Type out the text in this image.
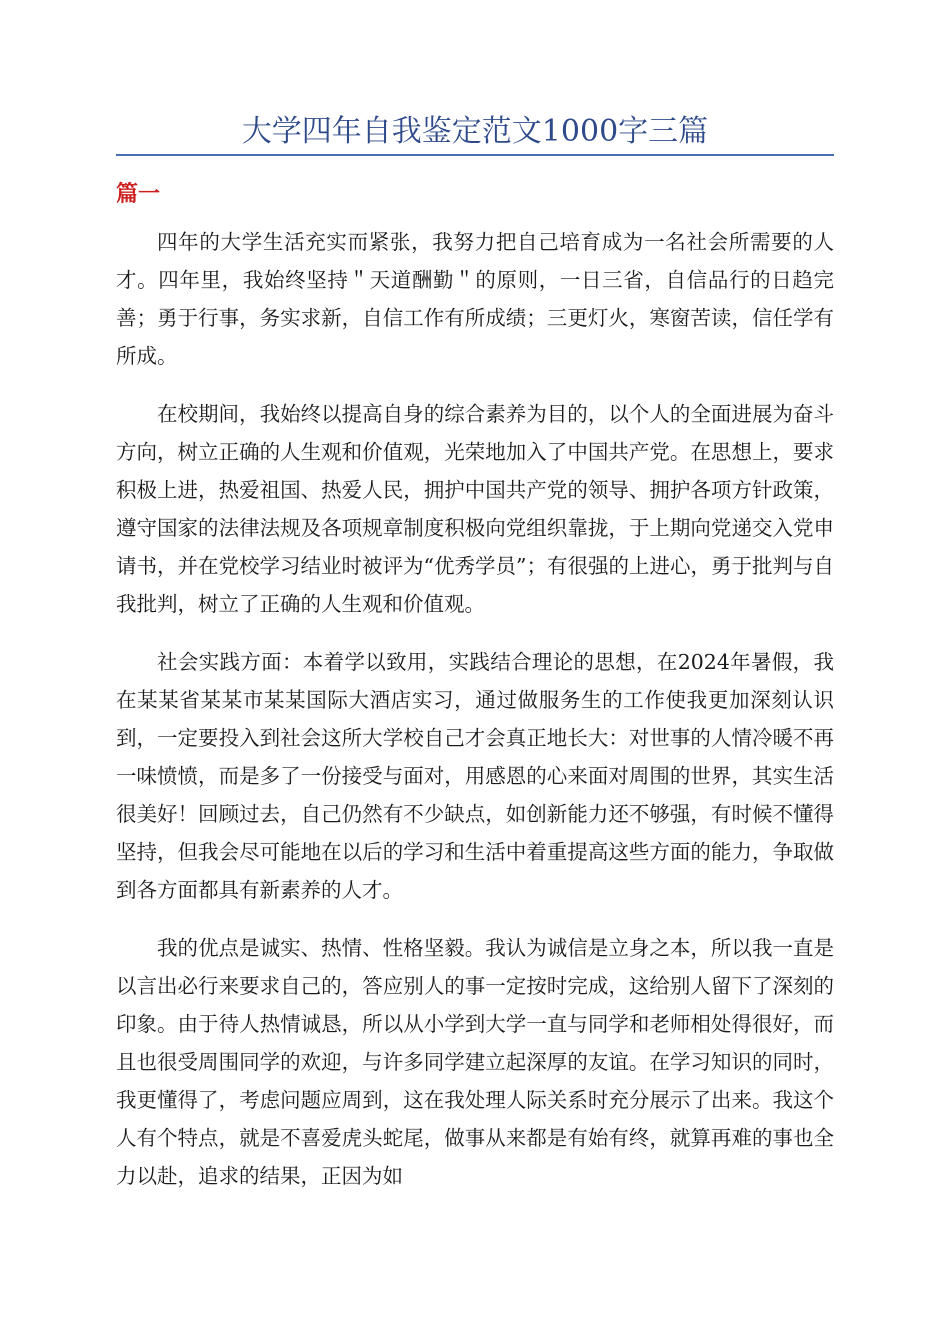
大学四年自我鉴定范文1000字三篇
篇一

四年的大学生活充实而紧张，我努力把自己培育成为一名社会所需要的人才。四年里，我始终坚持＂天道酬勤＂的原则，一日三省，自信品行的日趋完善；勇于行事，务实求新，自信工作有所成绩；三更灯火，寒窗苦读，信任学有所成。

在校期间，我始终以提高自身的综合素养为目的，以个人的全面进展为奋斗方向，树立正确的人生观和价值观，光荣地加入了中国共产党。在思想上，要求积极上进，热爱祖国、热爱人民，拥护中国共产党的领导、拥护各项方针政策，遵守国家的法律法规及各项规章制度积极向党组织靠拢，于上期向党递交入党申请书，并在党校学习结业时被评为“优秀学员”；有很强的上进心，勇于批判与自我批判，树立了正确的人生观和价值观。

社会实践方面：本着学以致用，实践结合理论的思想，在2024年暑假，我在某某省某某市某某国际大酒店实习，通过做服务生的工作使我更加深刻认识到，一定要投入到社会这所大学校自己才会真正地长大：对世事的人情冷暖不再一味愤愤，而是多了一份接受与面对，用感恩的心来面对周围的世界，其实生活很美好！回顾过去，自己仍然有不少缺点，如创新能力还不够强，有时候不懂得坚持，但我会尽可能地在以后的学习和生活中着重提高这些方面的能力，争取做到各方面都具有新素养的人才。

我的优点是诚实、热情、性格坚毅。我认为诚信是立身之本，所以我一直是以言出必行来要求自己的，答应别人的事一定按时完成，这给别人留下了深刻的印象。由于待人热情诚恳，所以从小学到大学一直与同学和老师相处得很好，而且也很受周围同学的欢迎，与许多同学建立起深厚的友谊。在学习知识的同时，我更懂得了，考虑问题应周到，这在我处理人际关系时充分展示了出来。我这个人有个特点，就是不喜爱虎头蛇尾，做事从来都是有始有终，就算再难的事也全力以赴，追求的结果，正因为如
